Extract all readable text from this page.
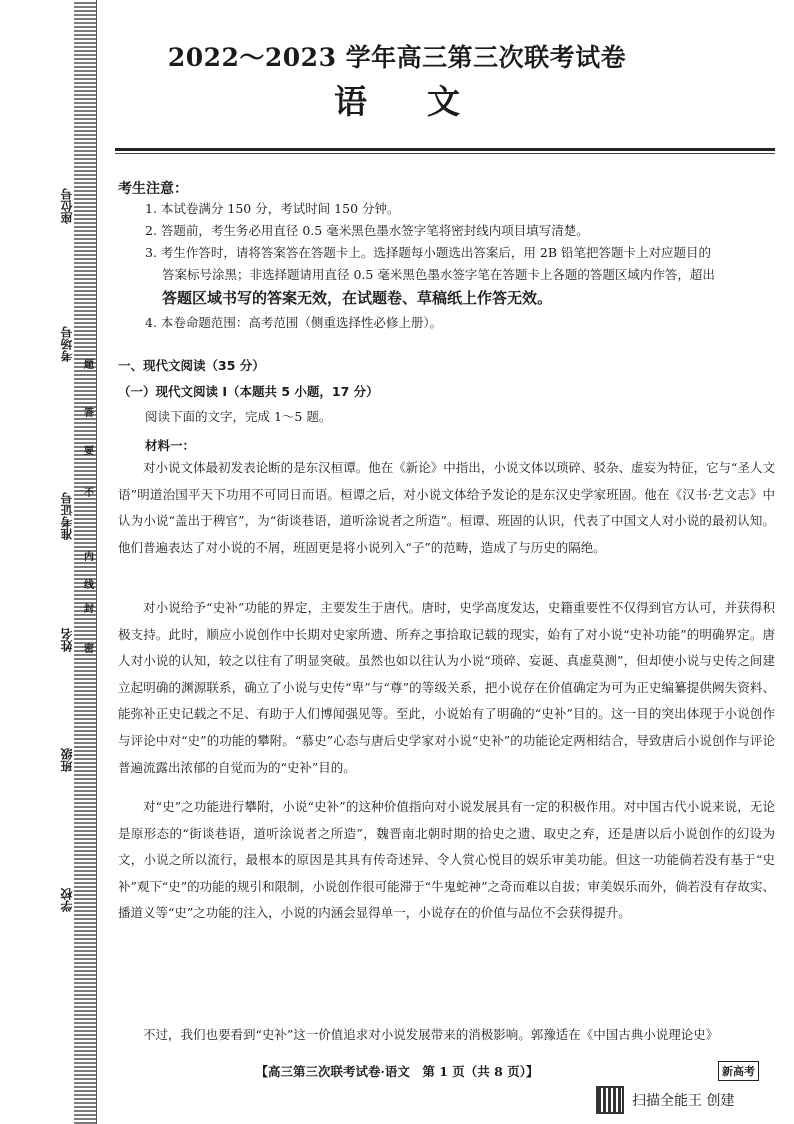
座位号
考场号
准考证号
姓名
班级
学校
题
答
要
不
内
线
封
密
2022～2023 学年高三第三次联考试卷
语文
考生注意：
1. 本试卷满分 150 分，考试时间 150 分钟。
2. 答题前，考生务必用直径 0.5 毫米黑色墨水签字笔将密封线内项目填写清楚。
3. 考生作答时，请将答案答在答题卡上。选择题每小题选出答案后，用 2B 铅笔把答题卡上对应题目的
答案标号涂黑；非选择题请用直径 0.5 毫米黑色墨水签字笔在答题卡上各题的答题区域内作答，超出
答题区域书写的答案无效，在试题卷、草稿纸上作答无效。
4. 本卷命题范围：高考范围（侧重选择性必修上册）。
一、现代文阅读（35 分）
（一）现代文阅读 I（本题共 5 小题，17 分）
阅读下面的文字，完成 1～5 题。
材料一：

对小说文体最初发表论断的是东汉桓谭。他在《新论》中指出，小说文体以琐碎、驳杂、虚妄为特征，它与“圣人文语”明道治国平天下功用不可同日而语。桓谭之后，对小说文体给予发论的是东汉史学家班固。他在《汉书·艺文志》中认为小说“盖出于稗官”，为“街谈巷语，道听涂说者之所造”。桓谭、班固的认识，代表了中国文人对小说的最初认知。他们普遍表达了对小说的不屑，班固更是将小说列入“子”的范畴，造成了与历史的隔绝。

对小说给予“史补”功能的界定，主要发生于唐代。唐时，史学高度发达，史籍重要性不仅得到官方认可，并获得积极支持。此时，顺应小说创作中长期对史家所遗、所弃之事拾取记载的现实，始有了对小说“史补功能”的明确界定。唐人对小说的认知，较之以往有了明显突破。虽然也如以往认为小说“琐碎、妄诞、真虚莫测”，但却使小说与史传之间建立起明确的渊源联系，确立了小说与史传“卑”与“尊”的等级关系，把小说存在价值确定为可为正史编纂提供阙失资料、能弥补正史记载之不足、有助于人们博闻强见等。至此，小说始有了明确的“史补”目的。这一目的突出体现于小说创作与评论中对“史”的功能的攀附。“慕史”心态与唐后史学家对小说“史补”的功能论定两相结合，导致唐后小说创作与评论普遍流露出浓郁的自觉而为的“史补”目的。

对“史”之功能进行攀附，小说“史补”的这种价值指向对小说发展具有一定的积极作用。对中国古代小说来说，无论是原形态的“街谈巷语，道听涂说者之所造”，魏晋南北朝时期的拾史之遗、取史之弃，还是唐以后小说创作的幻设为文，小说之所以流行，最根本的原因是其具有传奇述异、令人赏心悦目的娱乐审美功能。但这一功能倘若没有基于“史补”观下“史”的功能的规引和限制，小说创作很可能滞于“牛鬼蛇神”之奇而难以自拔；审美娱乐而外，倘若没有存故实、播道义等“史”之功能的注入，小说的内涵会显得单一，小说存在的价值与品位不会获得提升。

不过，我们也要看到“史补”这一价值追求对小说发展带来的消极影响。郭豫适在《中国古典小说理论史》

【高三第三次联考试卷·语文　第 1 页（共 8 页）】	新高考
扫描全能王 创建
